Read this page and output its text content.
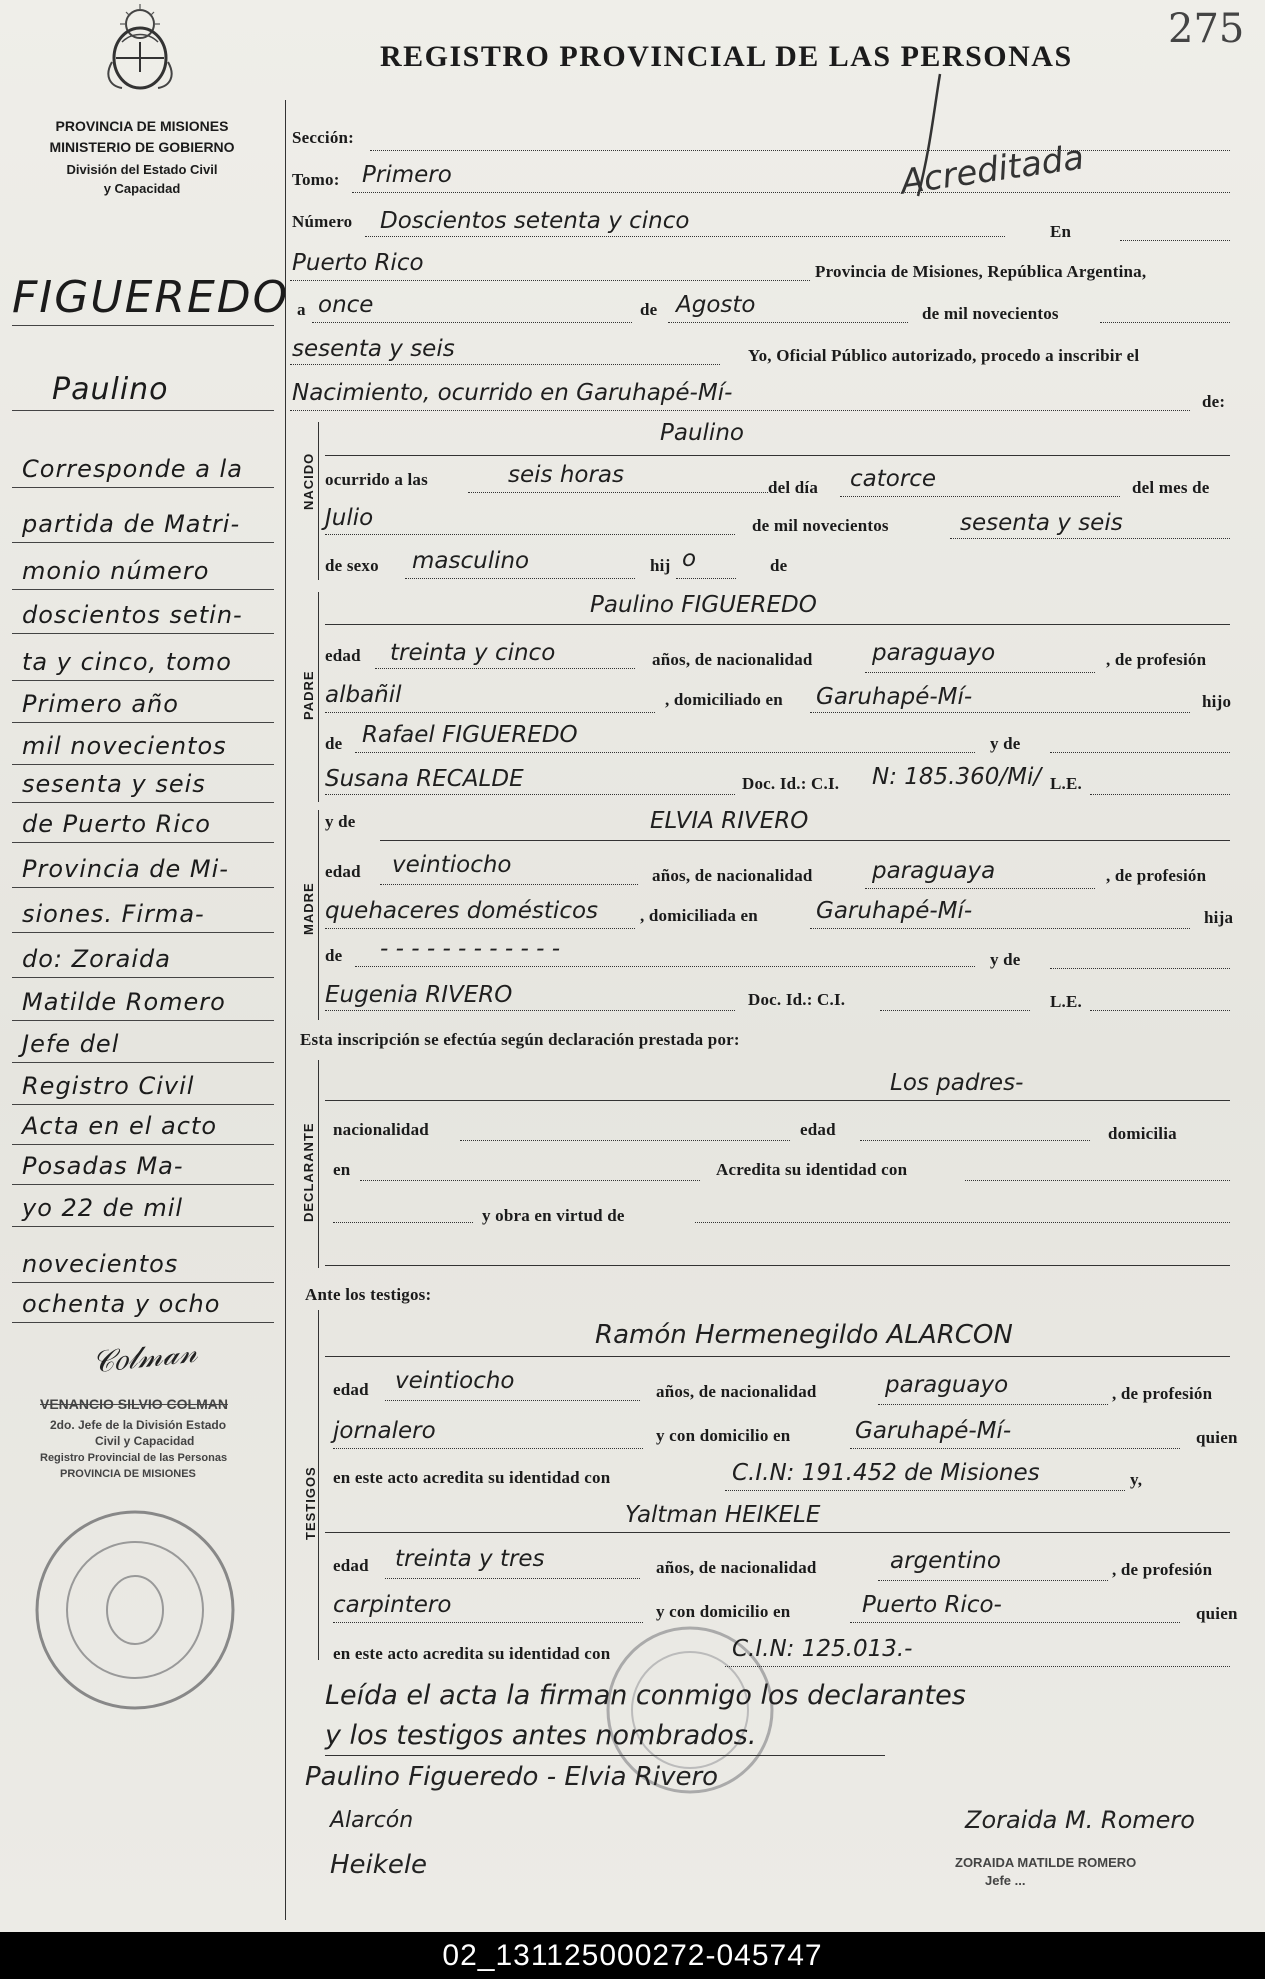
REGISTRO PROVINCIAL DE LAS PERSONAS
275
PROVINCIA DE MISIONES
MINISTERIO DE GOBIERNO
División del Estado Civil
y Capacidad	Acreditada
FIGUEREDO
Paulino
Corresponde a la
partida de Matri-
monio número
doscientos setin-
ta y cinco, tomo
Primero año
mil novecientos
sesenta y seis
de Puerto Rico
Provincia de Mi-
siones. Firma-
do: Zoraida
Matilde Romero
Jefe del
Registro Civil
Acta en el acto
Posadas Ma-
yo 22 de mil
novecientos
ochenta y ocho
𝒞𝑜𝓁𝓂𝒶𝓃
VENANCIO SILVIO COLMAN
2do. Jefe de la División Estado
Civil y Capacidad
Registro Provincial de las Personas
PROVINCIA DE MISIONES
Sección:
Tomo: Primero
Número Doscientos setenta y cinco	En
Puerto Rico	Provincia de Misiones, República Argentina,
a once	de Agosto	de mil novecientos
sesenta y seis	Yo, Oficial Público autorizado, procedo a inscribir el
Nacimiento, ocurrido en Garuhapé-Mí-	de:
NACIDO
Paulino
ocurrido a las	seis horas	del día catorce	del mes de
Julio	de mil novecientos	sesenta y seis
de sexo masculino	hij o	de
PADRE
Paulino FIGUEREDO
edad treinta y cinco	años, de nacionalidad	paraguayo	, de profesión
albañil	, domiciliado en Garuhapé-Mí-	hijo
de Rafael FIGUEREDO	y de
Susana RECALDE	Doc. Id.: C.I. N: 185.360/Mi/ L.E.
MADRE
y de	ELVIA RIVERO
edad veintiocho	años, de nacionalidad	paraguaya	, de profesión
quehaceres domésticos , domiciliada en	Garuhapé-Mí-	hija
de - - - - - - - - - - - -	y de
Eugenia RIVERO	Doc. Id.: C.I.	L.E.
Esta inscripción se efectúa según declaración prestada por:
DECLARANTE
Los padres-
nacionalidad	edad	domicilia
en	Acredita su identidad con
y obra en virtud de
Ante los testigos:
TESTIGOS
Ramón Hermenegildo ALARCON
edad veintiocho	años, de nacionalidad	paraguayo	, de profesión
jornalero	y con domicilio en	Garuhapé-Mí-	quien
en este acto acredita su identidad con	C.I.N: 191.452 de Misiones	y,
Yaltman HEIKELE
edad treinta y tres	años, de nacionalidad	argentino	, de profesión
carpintero	y con domicilio en	Puerto Rico-	quien
en este acto acredita su identidad con	C.I.N: 125.013.-
Leída el acta la firman conmigo los declarantes
y los testigos antes nombrados.
Paulino Figueredo - Elvia Rivero
Alarcón
Heikele
Zoraida M. Romero
ZORAIDA MATILDE ROMERO
Jefe ...
02_131125000272-045747
